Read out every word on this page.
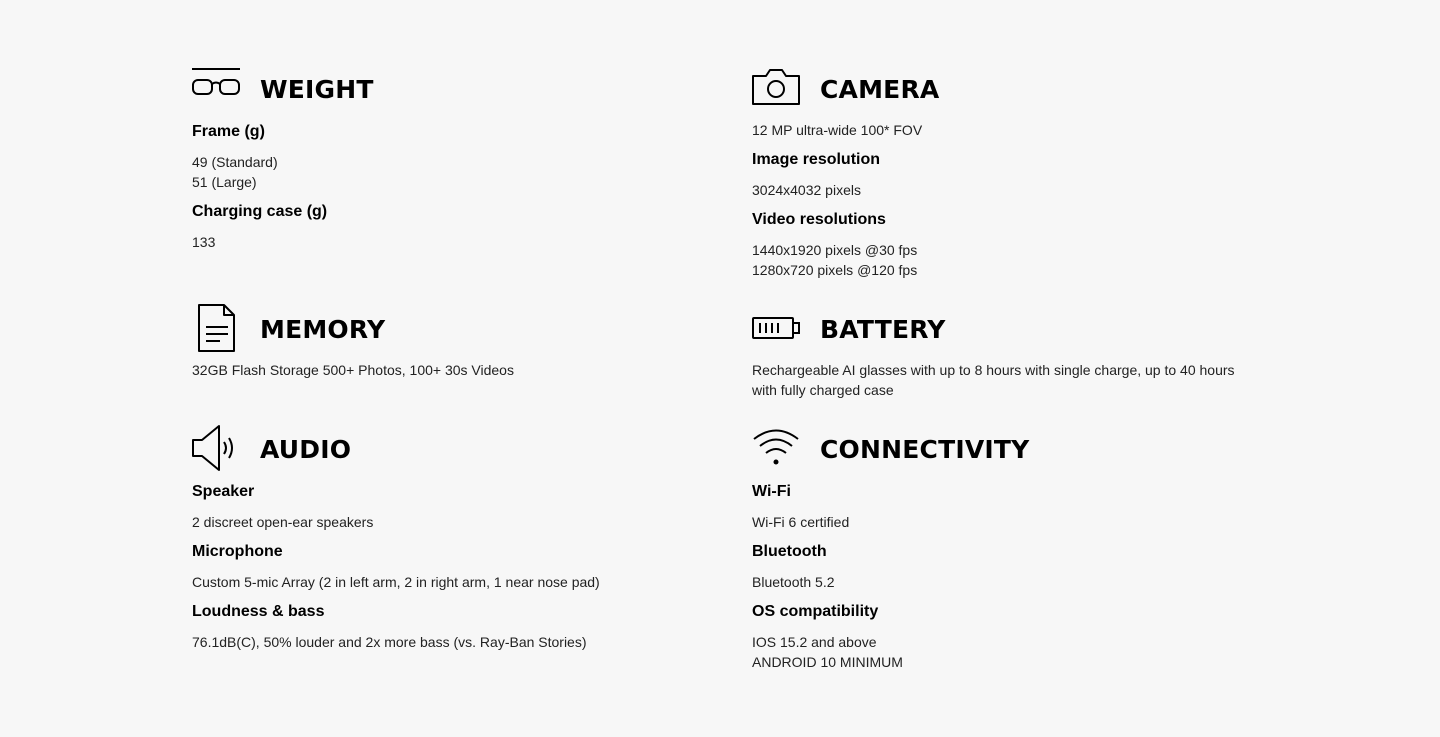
WEIGHT

Frame (g)

49 (Standard)

51 (Large)

Charging case (g)

133

MEMORY

32GB Flash Storage 500+ Photos, 100+ 30s Videos

AUDIO

Speaker

2 discreet open-ear speakers

Microphone

Custom 5-mic Array (2 in left arm, 2 in right arm, 1 near nose pad)

Loudness & bass

76.1dB(C), 50% louder and 2x more bass (vs. Ray-Ban Stories)

CAMERA

12 MP ultra-wide 100* FOV

Image resolution

3024x4032 pixels

Video resolutions

1440x1920 pixels @30 fps

1280x720 pixels @120 fps

BATTERY

Rechargeable AI glasses with up to 8 hours with single charge, up to 40 hours

with fully charged case

CONNECTIVITY

Wi-Fi

Wi-Fi 6 certified

Bluetooth

Bluetooth 5.2

OS compatibility

IOS 15.2 and above

ANDROID 10 MINIMUM
